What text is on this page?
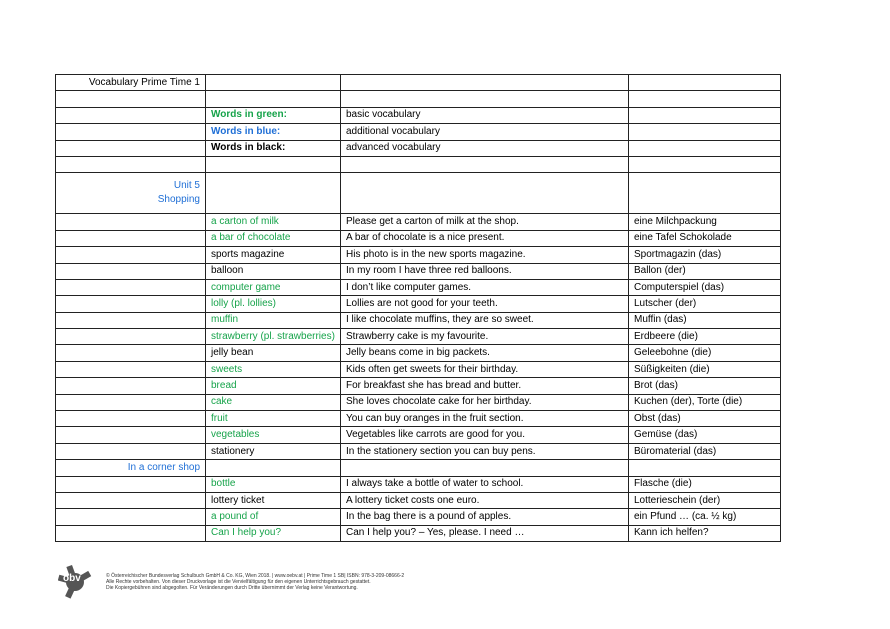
Vocabulary Prime Time 1			

	Words in green:	basic vocabulary	
	Words in blue:	additional vocabulary	
	Words in black:	advanced vocabulary	

Unit 5
Shopping			

	a carton of milk	Please get a carton of milk at the shop.	eine Milchpackung
	a bar of chocolate	A bar of chocolate is a nice present.	eine Tafel Schokolade
	sports magazine	His photo is in the new sports magazine.	Sportmagazin (das)
	balloon	In my room I have three red balloons.	Ballon (der)
	computer game	I don’t like computer games.	Computerspiel (das)
	lolly (pl. lollies)	Lollies are not good for your teeth.	Lutscher (der)
	muffin	I like chocolate muffins, they are so sweet.	Muffin (das)
	strawberry (pl. strawberries)	Strawberry cake is my favourite.	Erdbeere (die)
	jelly bean	Jelly beans come in big packets.	Geleebohne (die)
	sweets	Kids often get sweets for their birthday.	Süßigkeiten (die)
	bread	For breakfast she has bread and butter.	Brot (das)
	cake	She loves chocolate cake for her birthday.	Kuchen (der), Torte (die)
	fruit	You can buy oranges in the fruit section.	Obst (das)
	vegetables	Vegetables like carrots are good for you.	Gemüse (das)
	stationery	In the stationery section you can buy pens.	Büromaterial (das)
In a corner shop			
	bottle	I always take a bottle of water to school.	Flasche (die)
	lottery ticket	A lottery ticket costs one euro.	Lotterieschein (der)
	a pound of	In the bag there is a pound of apples.	ein Pfund … (ca. ½ kg)
	Can I help you?	Can I help you? – Yes, please. I need …	Kann ich helfen?
öbv	© Österreichischer Bundesverlag Schulbuch GmbH & Co. KG, Wien 2018. | www.oebv.at | Prime Time 1 SB| ISBN: 978-3-209-08666-2
Alle Rechte vorbehalten. Von dieser Druckvorlage ist die Vervielfältigung für den eigenen Unterrichtsgebrauch gestattet.
Die Kopiergebühren sind abgegolten. Für Veränderungen durch Dritte übernimmt der Verlag keine Verantwortung.
